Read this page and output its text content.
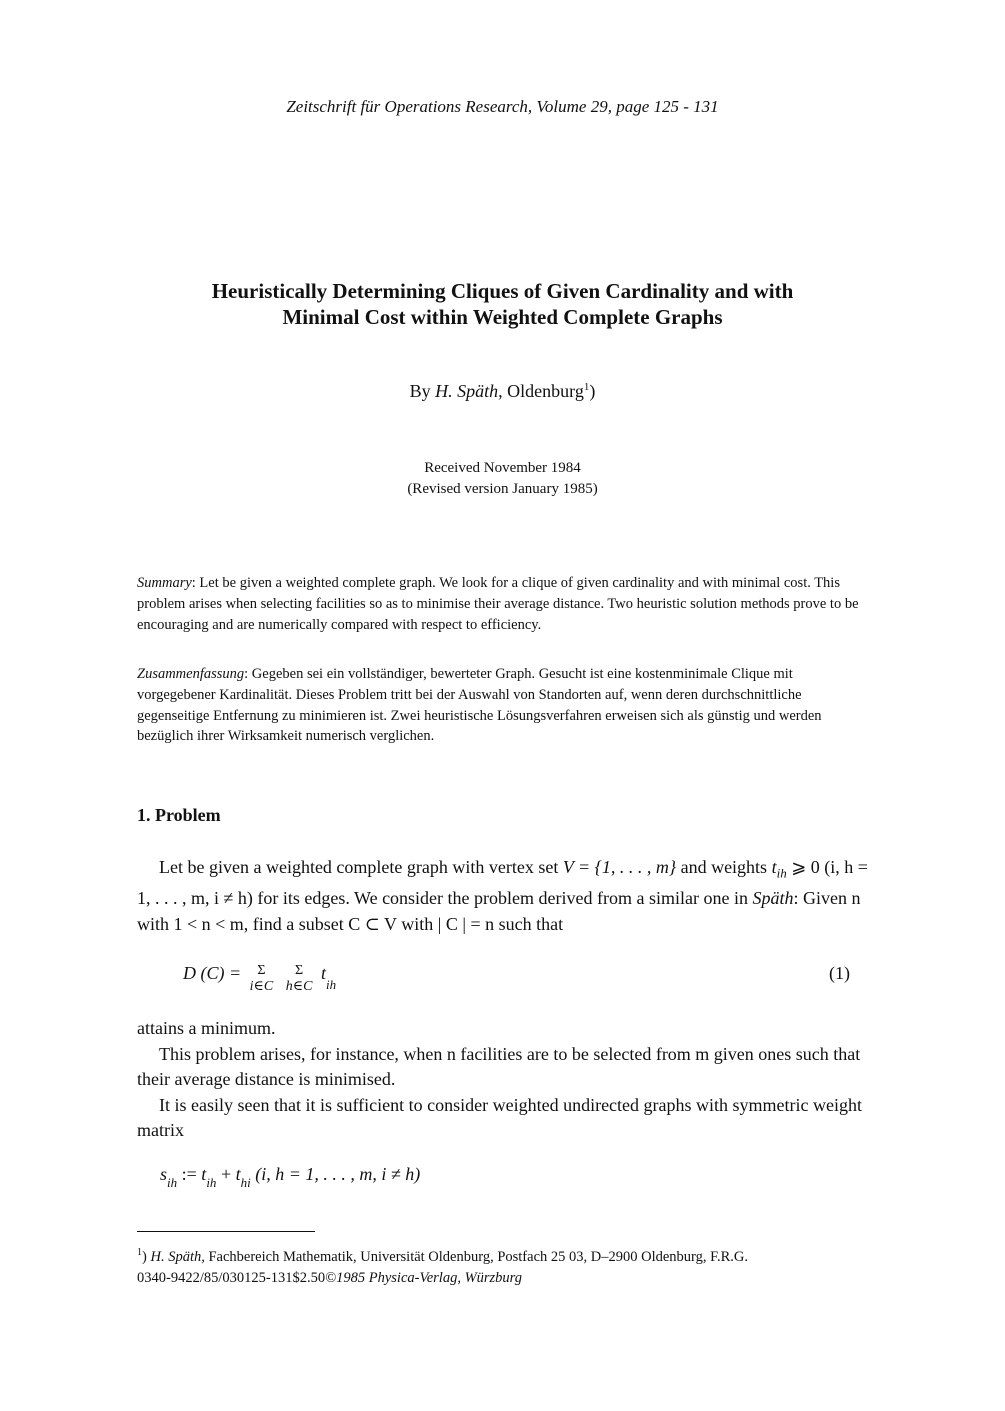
Zeitschrift für Operations Research, Volume 29, page 125 - 131
Heuristically Determining Cliques of Given Cardinality and with
Minimal Cost within Weighted Complete Graphs
By H. Späth, Oldenburg$^1$)
Received November 1984
(Revised version January 1985)

Summary: Let be given a weighted complete graph. We look for a clique of given cardinality and with minimal cost. This problem arises when selecting facilities so as to minimise their average distance. Two heuristic solution methods prove to be encouraging and are numerically compared with respect to efficiency.

Zusammenfassung: Gegeben sei ein vollständiger, bewerteter Graph. Gesucht ist eine kostenminimale Clique mit vorgegebener Kardinalität. Dieses Problem tritt bei der Auswahl von Standorten auf, wenn deren durchschnittliche gegenseitige Entfernung zu minimieren ist. Zwei heuristische Lösungsverfahren erweisen sich als günstig und werden bezüglich ihrer Wirksamkeit numerisch verglichen.

1. Problem

Let be given a weighted complete graph with vertex set V = {1, . . . , m} and weights $t_{ih}$ ⩾ 0 (i, h = 1, . . . , m, i ≠ h) for its edges. We consider the problem derived from a similar one in Späth: Given n with 1 < n < m, find a subset C ⊂ V with | C | = n such that

D (C) =	Σ
i∈C

Σ
h∈C
$t_{ih}$
(1)

attains a minimum.

This problem arises, for instance, when n facilities are to be selected from m given ones such that their average distance is minimised.

It is easily seen that it is sufficient to consider weighted undirected graphs with symmetric weight matrix

$s_{ih}$ := $t_{ih} + t_{hi}$ (i, h = 1, . . . , m, i ≠ h)

$^1$) H. Späth, Fachbereich Mathematik, Universität Oldenburg, Postfach 25 03, D–2900 Oldenburg, F.R.G.

0340-9422/85/030125-131$2.50©1985 Physica-Verlag, Würzburg
